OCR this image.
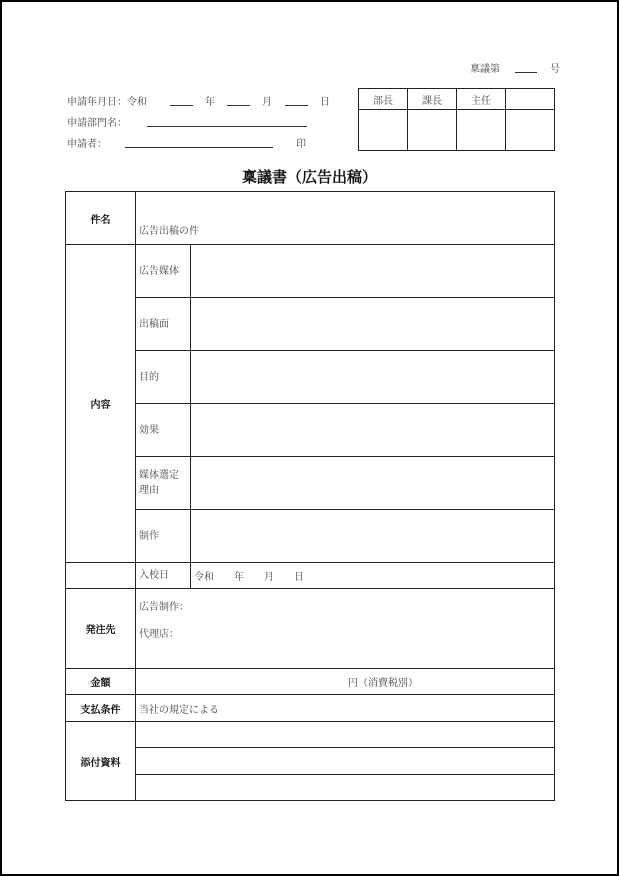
稟議第	号
申請年月日：令和	年	月	日
申請部門名：
申請者：	印
部長	課長	主任	

稟議書（広告出稿）
件名	広告出稿の件	
内容	広告媒体	
	出稿面	
	目的	
	効果	
	媒体選定
理由	
	制作	
	入校日	令和　　年　　月　　日
発注先	広告制作：
代理店：	

金額	円（消費税別）	
支払条件	当社の規定による	
添付資料		
